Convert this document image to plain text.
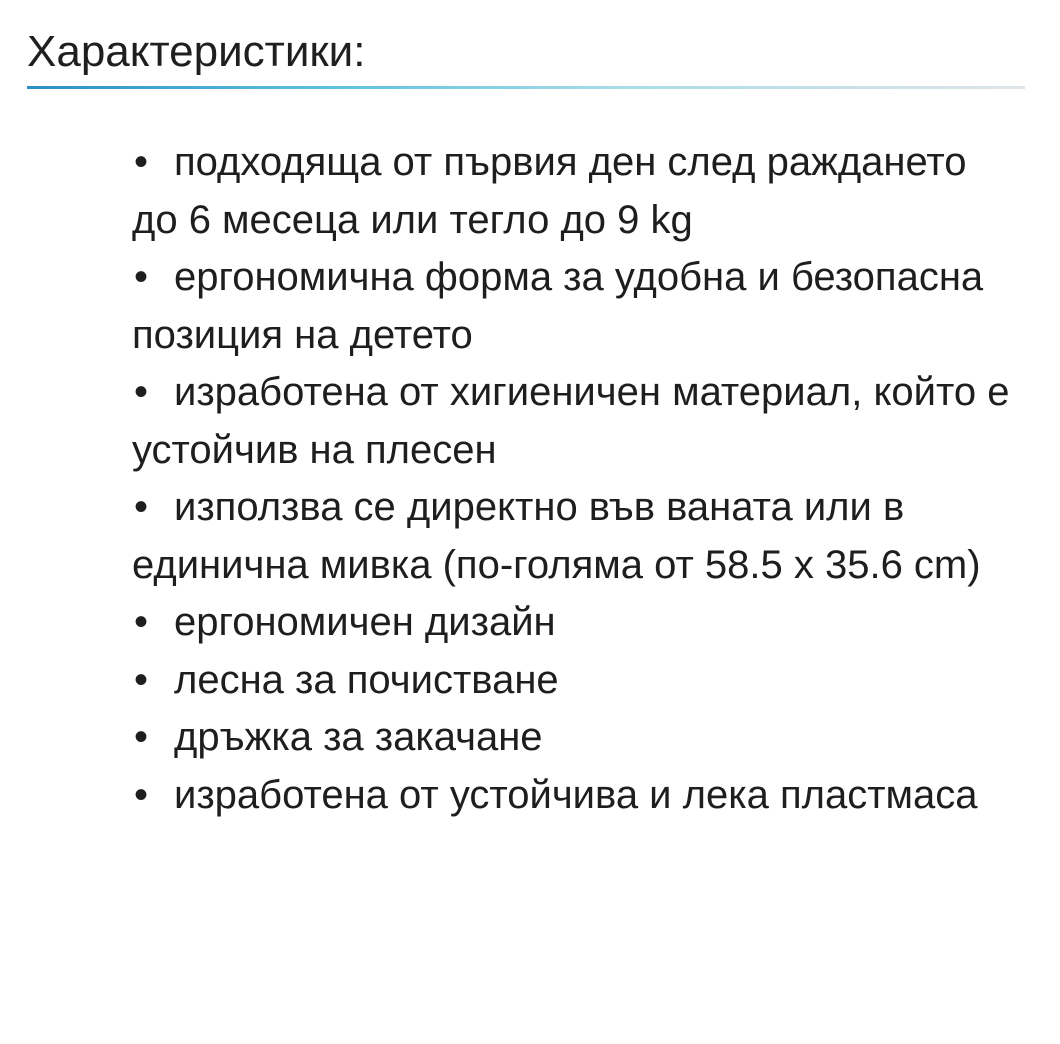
Характеристики:
• подходяща от първия ден след раждането до 6 месеца или тегло до 9 kg
• ергономична форма за удобна и безопасна позиция на детето
• изработена от хигиеничен материал, който е устойчив на плесен
• използва се директно във ваната или в единична мивка (по-голяма от 58.5 x 35.6 cm)
• ергономичен дизайн
• лесна за почистване
• дръжка за закачане
• изработена от устойчива и лека пластмаса
